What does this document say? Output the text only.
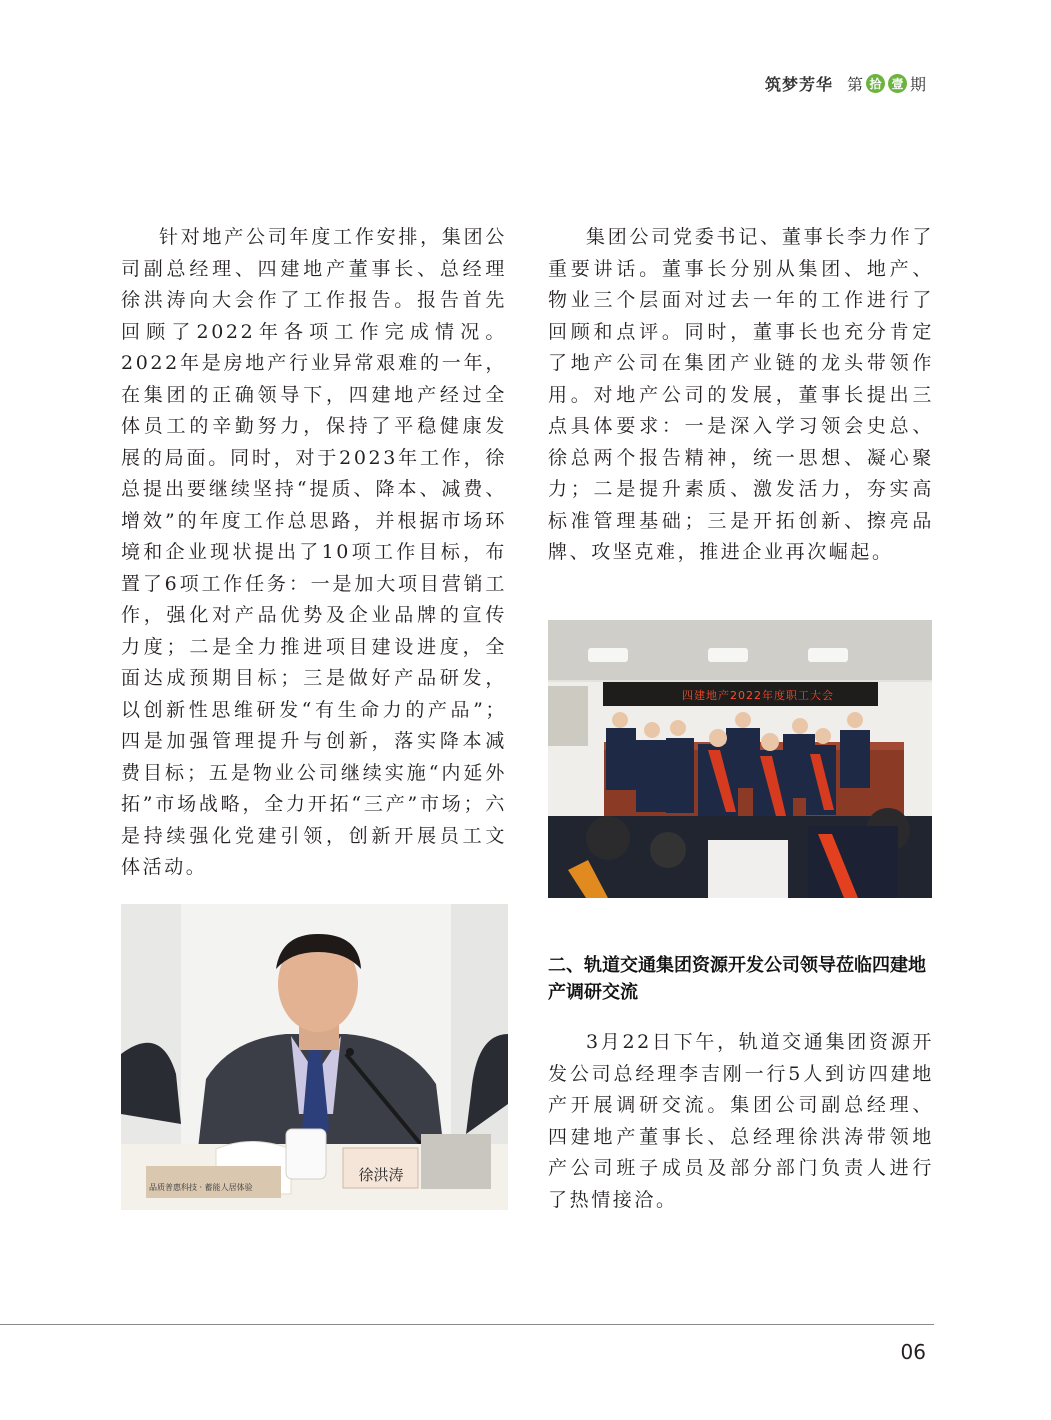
筑梦芳华 第 拾 壹 期

针对地产公司年度工作安排，集团公司副总经理、四建地产董事长、总经理徐洪涛向大会作了工作报告。报告首先回顾了2022年各项工作完成情况。2022年是房地产行业异常艰难的一年，在集团的正确领导下，四建地产经过全体员工的辛勤努力，保持了平稳健康发展的局面。同时，对于2023年工作，徐总提出要继续坚持“提质、降本、减费、增效”的年度工作总思路，并根据市场环境和企业现状提出了10项工作目标，布置了6项工作任务：一是加大项目营销工作，强化对产品优势及企业品牌的宣传力度；二是全力推进项目建设进度，全面达成预期目标；三是做好产品研发，以创新性思维研发“有生命力的产品”；四是加强管理提升与创新，落实降本减费目标；五是物业公司继续实施“内延外拓”市场战略，全力开拓“三产”市场；六是持续强化党建引领，创新开展员工文体活动。

集团公司党委书记、董事长李力作了重要讲话。董事长分别从集团、地产、物业三个层面对过去一年的工作进行了回顾和点评。同时，董事长也充分肯定了地产公司在集团产业链的龙头带领作用。对地产公司的发展，董事长提出三点具体要求：一是深入学习领会史总、徐总两个报告精神，统一思想、凝心聚力；二是提升素质、激发活力，夯实高标准管理基础；三是开拓创新、擦亮品牌、攻坚克难，推进企业再次崛起。

四建地产2022年度职工大会
二、轨道交通集团资源开发公司领导莅临四建地产调研交流

3月22日下午，轨道交通集团资源开发公司总经理李吉刚一行5人到访四建地产开展调研交流。集团公司副总经理、四建地产董事长、总经理徐洪涛带领地产公司班子成员及部分部门负责人进行了热情接洽。

品质普惠科技 · 蓄能人居体验
徐洪涛
06
